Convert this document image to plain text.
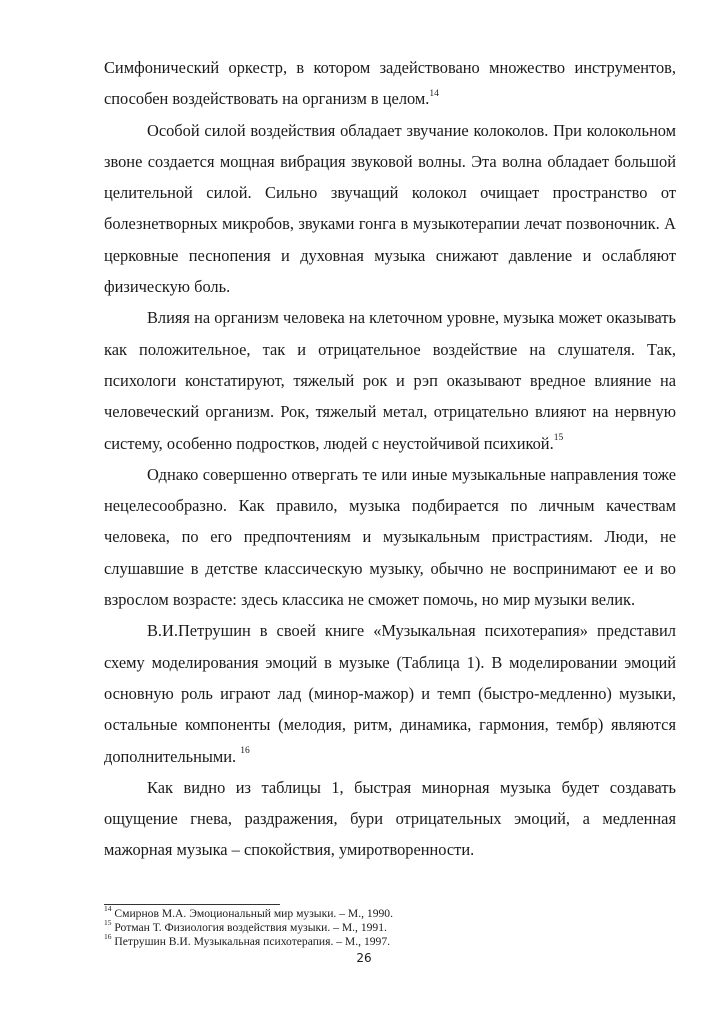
Симфонический оркестр, в котором задействовано множество инструментов, способен воздействовать на организм в целом.$^{14}$

Особой силой воздействия обладает звучание колоколов. При колокольном звоне создается мощная вибрация звуковой волны. Эта волна обладает большой целительной силой. Сильно звучащий колокол очищает пространство от болезнетворных микробов, звуками гонга в музыкотерапии лечат позвоночник. А церковные песнопения и духовная музыка снижают давление и ослабляют физическую боль.

Влияя на организм человека на клеточном уровне, музыка может оказывать как положительное, так и отрицательное воздействие на слушателя. Так, психологи констатируют, тяжелый рок и рэп оказывают вредное влияние на человеческий организм. Рок, тяжелый метал, отрицательно влияют на нервную систему, особенно подростков, людей с неустойчивой психикой.$^{15}$

Однако совершенно отвергать те или иные музыкальные направления тоже нецелесообразно. Как правило, музыка подбирается по личным качествам человека, по его предпочтениям и музыкальным пристрастиям. Люди, не слушавшие в детстве классическую музыку, обычно не воспринимают ее и во взрослом возрасте: здесь классика не сможет помочь, но мир музыки велик.

В.И.Петрушин в своей книге «Музыкальная психотерапия» представил схему моделирования эмоций в музыке (Таблица 1). В моделировании эмоций основную роль играют лад (минор-мажор) и темп (быстро-медленно) музыки, остальные компоненты (мелодия, ритм, динамика, гармония, тембр) являются дополнительными. $^{16}$

Как видно из таблицы 1, быстрая минорная музыка будет создавать ощущение гнева, раздражения, бури отрицательных эмоций, а медленная мажорная музыка – спокойствия, умиротворенности.

$^{14}$ Смирнов М.А. Эмоциональный мир музыки. – М., 1990.

$^{15}$ Ротман Т. Физиология воздействия музыки. – М., 1991.

$^{16}$ Петрушин В.И. Музыкальная психотерапия. – М., 1997.

26
